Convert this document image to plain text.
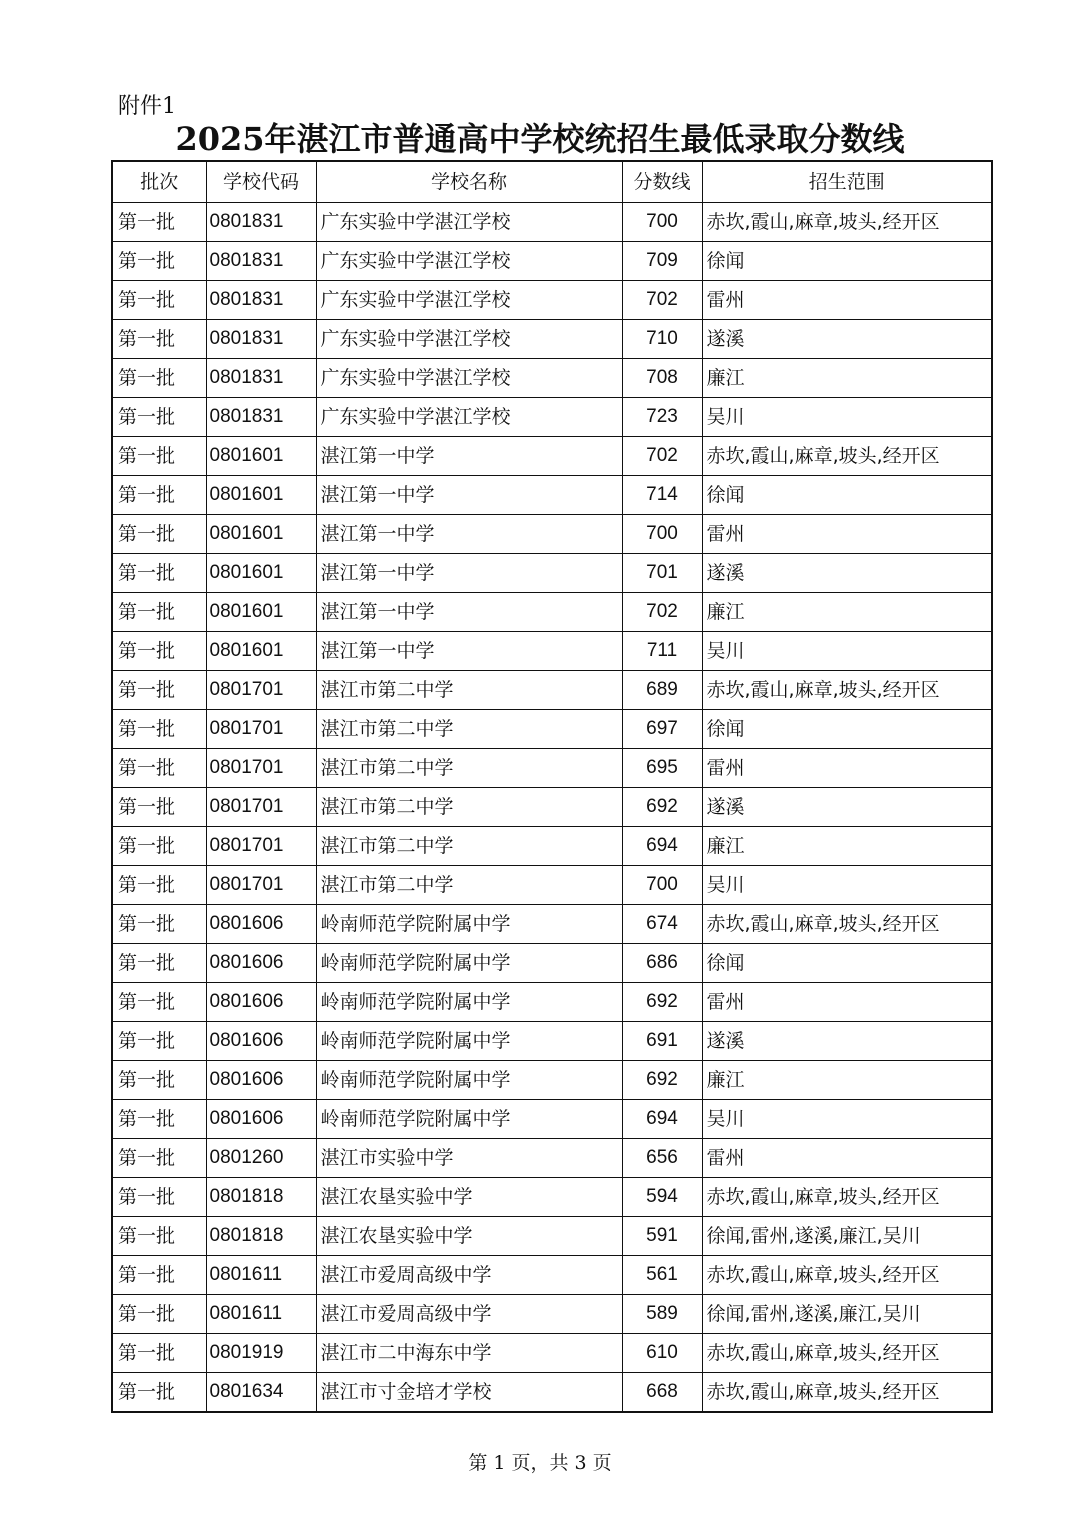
附件1
2025年湛江市普通高中学校统招生最低录取分数线
批次	学校代码	学校名称	分数线	招生范围
第一批	0801831	广东实验中学湛江学校	700	赤坎,霞山,麻章,坡头,经开区
第一批	0801831	广东实验中学湛江学校	709	徐闻
第一批	0801831	广东实验中学湛江学校	702	雷州
第一批	0801831	广东实验中学湛江学校	710	遂溪
第一批	0801831	广东实验中学湛江学校	708	廉江
第一批	0801831	广东实验中学湛江学校	723	吴川
第一批	0801601	湛江第一中学	702	赤坎,霞山,麻章,坡头,经开区
第一批	0801601	湛江第一中学	714	徐闻
第一批	0801601	湛江第一中学	700	雷州
第一批	0801601	湛江第一中学	701	遂溪
第一批	0801601	湛江第一中学	702	廉江
第一批	0801601	湛江第一中学	711	吴川
第一批	0801701	湛江市第二中学	689	赤坎,霞山,麻章,坡头,经开区
第一批	0801701	湛江市第二中学	697	徐闻
第一批	0801701	湛江市第二中学	695	雷州
第一批	0801701	湛江市第二中学	692	遂溪
第一批	0801701	湛江市第二中学	694	廉江
第一批	0801701	湛江市第二中学	700	吴川
第一批	0801606	岭南师范学院附属中学	674	赤坎,霞山,麻章,坡头,经开区
第一批	0801606	岭南师范学院附属中学	686	徐闻
第一批	0801606	岭南师范学院附属中学	692	雷州
第一批	0801606	岭南师范学院附属中学	691	遂溪
第一批	0801606	岭南师范学院附属中学	692	廉江
第一批	0801606	岭南师范学院附属中学	694	吴川
第一批	0801260	湛江市实验中学	656	雷州
第一批	0801818	湛江农垦实验中学	594	赤坎,霞山,麻章,坡头,经开区
第一批	0801818	湛江农垦实验中学	591	徐闻,雷州,遂溪,廉江,吴川
第一批	0801611	湛江市爱周高级中学	561	赤坎,霞山,麻章,坡头,经开区
第一批	0801611	湛江市爱周高级中学	589	徐闻,雷州,遂溪,廉江,吴川
第一批	0801919	湛江市二中海东中学	610	赤坎,霞山,麻章,坡头,经开区
第一批	0801634	湛江市寸金培才学校	668	赤坎,霞山,麻章,坡头,经开区
第 1 页，共 3 页
